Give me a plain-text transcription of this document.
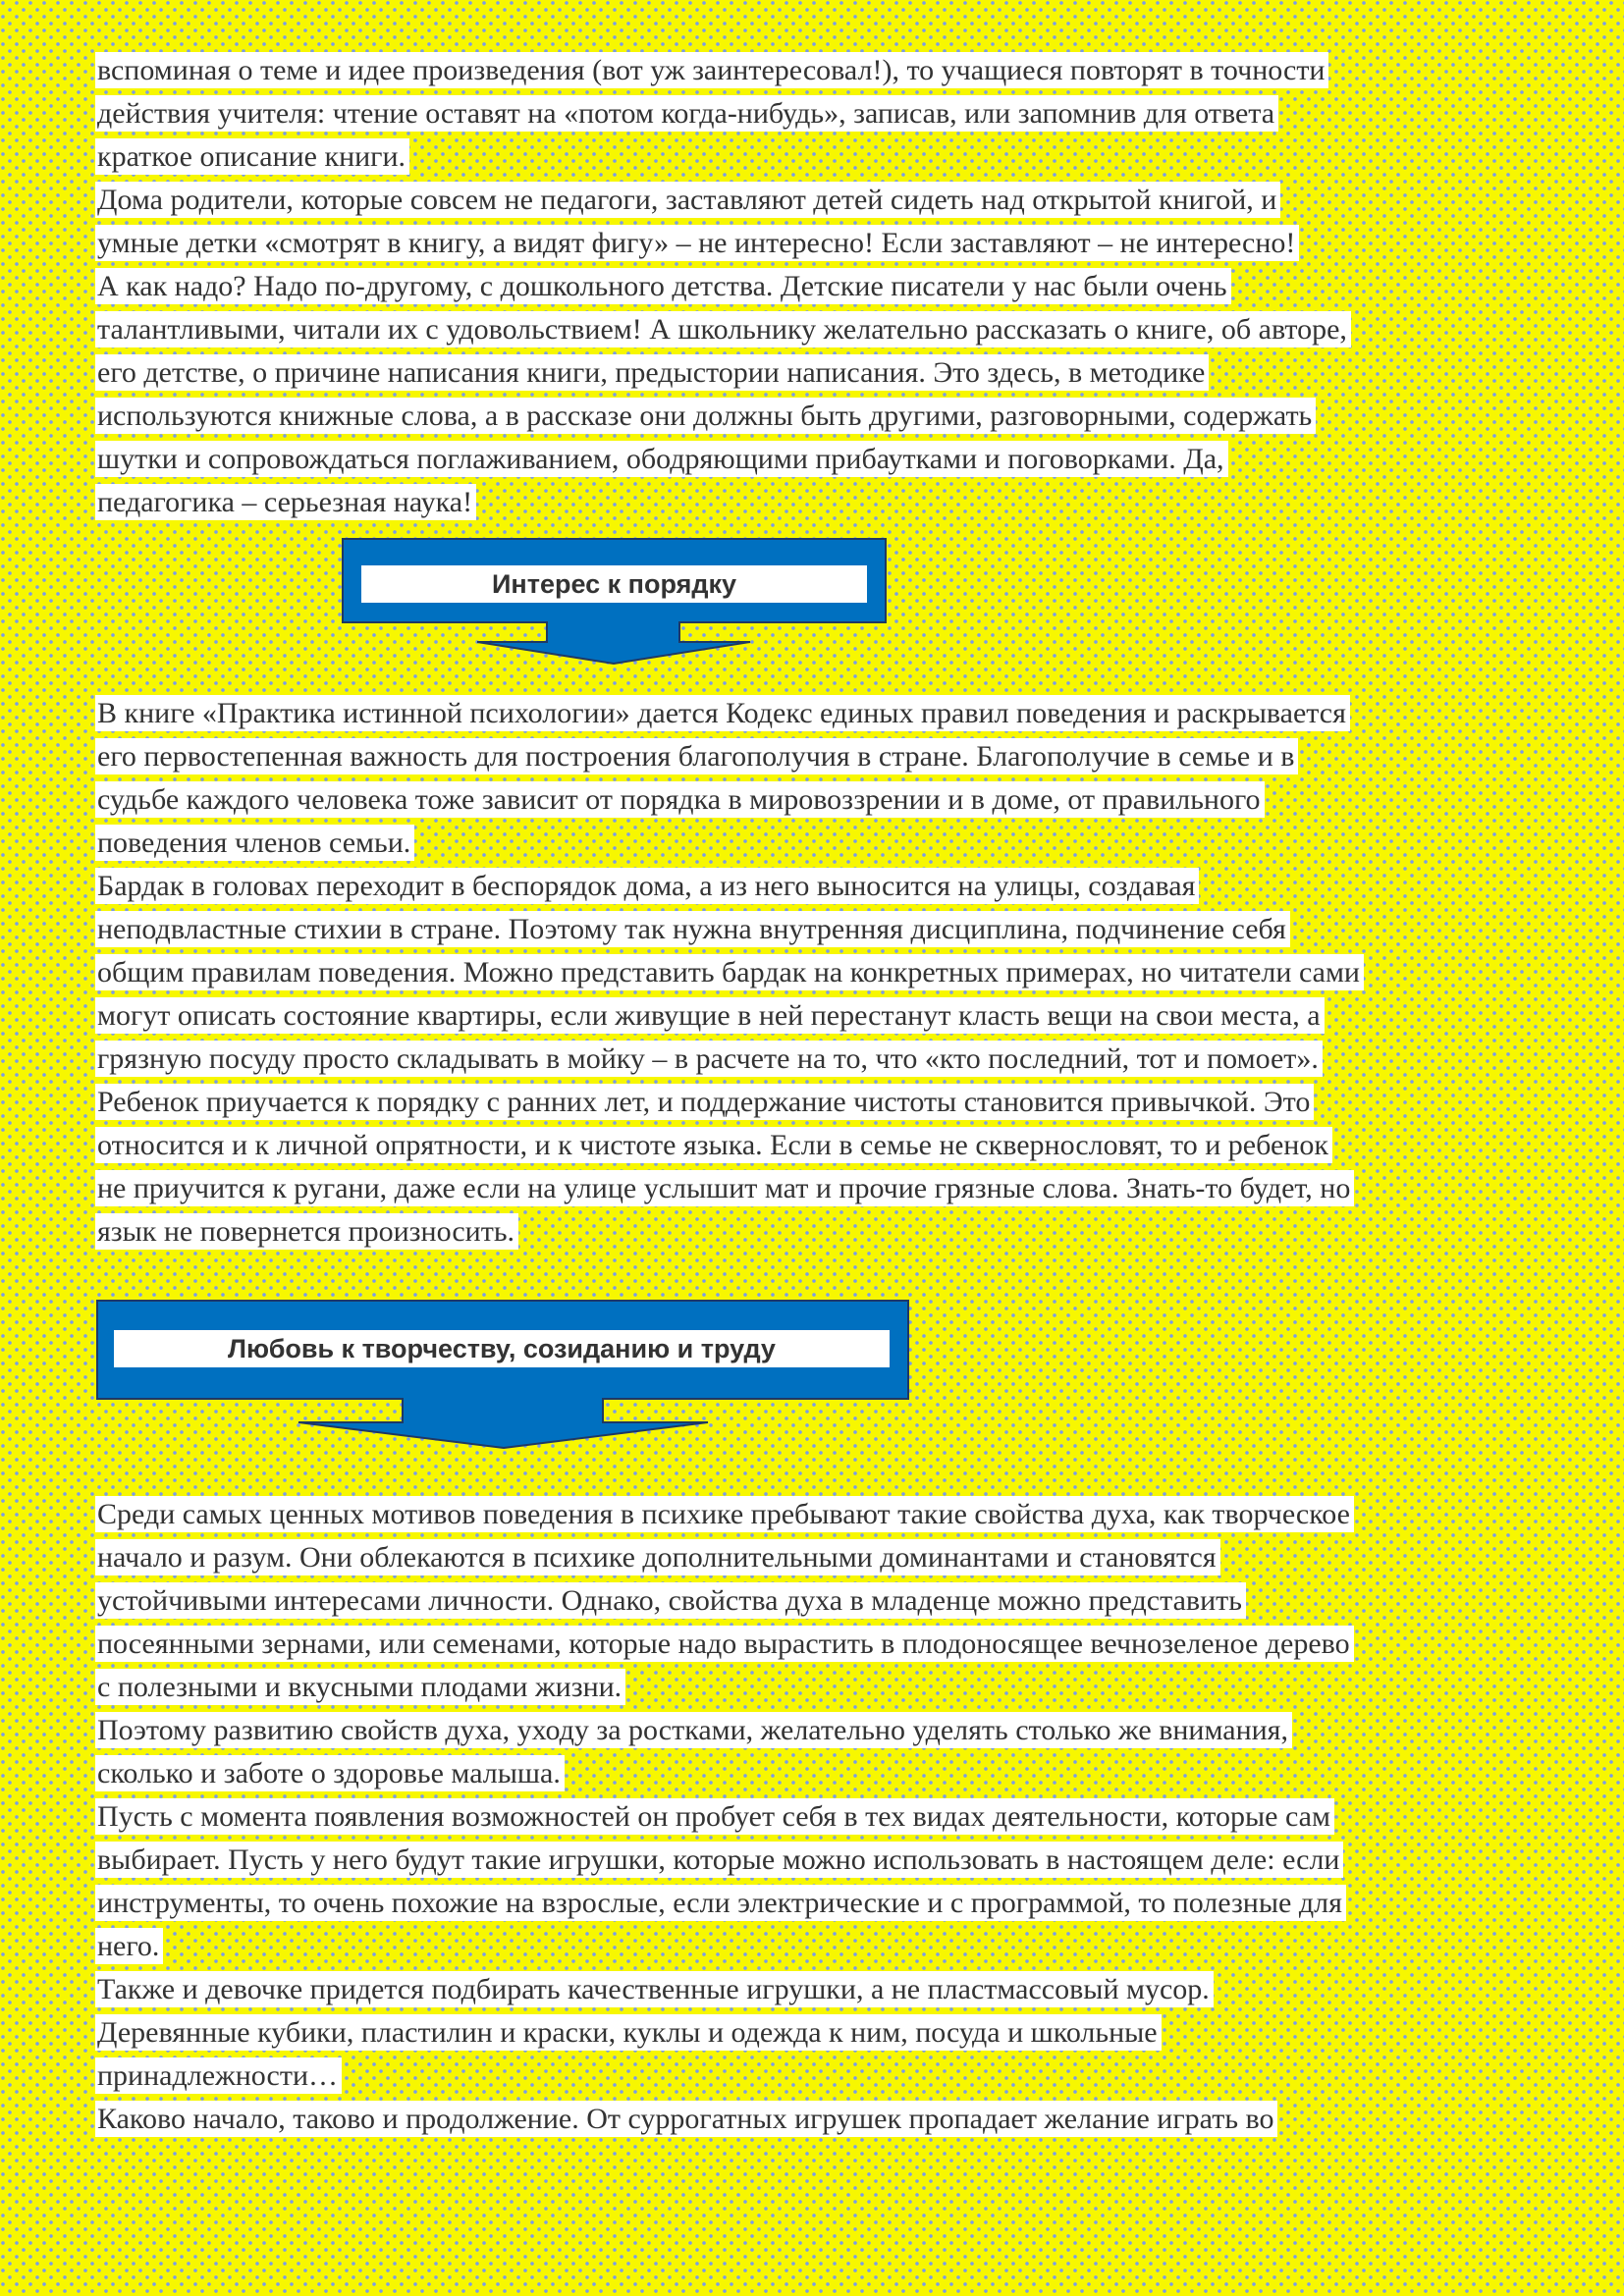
вспоминая о теме и идее произведения (вот уж заинтересовал!), то учащиеся повторят в точности
действия учителя: чтение оставят на «потом когда-нибудь», записав, или запомнив для ответа
краткое описание книги.

Дома родители, которые совсем не педагоги, заставляют детей сидеть над открытой книгой, и
умные детки «смотрят в книгу, а видят фигу» – не интересно! Если заставляют – не интересно!

А как надо? Надо по-другому, с дошкольного детства. Детские писатели у нас были очень
талантливыми, читали их с удовольствием! А школьнику желательно рассказать о книге, об авторе,
его детстве, о причине написания книги, предыстории написания. Это здесь, в методике
используются книжные слова, а в рассказе они должны быть другими, разговорными, содержать
шутки и сопровождаться поглаживанием, ободряющими прибаутками и поговорками. Да,
педагогика – серьезная наука!

Интерес к порядку

В книге «Практика истинной психологии» дается Кодекс единых правил поведения и раскрывается
его первостепенная важность для построения благополучия в стране. Благополучие в семье и в
судьбе каждого человека тоже зависит от порядка в мировоззрении и в доме, от правильного
поведения членов семьи.

Бардак в головах переходит в беспорядок дома, а из него выносится на улицы, создавая
неподвластные стихии в стране. Поэтому так нужна внутренняя дисциплина, подчинение себя
общим правилам поведения. Можно представить бардак на конкретных примерах, но читатели сами
могут описать состояние квартиры, если живущие в ней перестанут класть вещи на свои места, а
грязную посуду просто складывать в мойку – в расчете на то, что «кто последний, тот и помоет».

Ребенок приучается к порядку с ранних лет, и поддержание чистоты становится привычкой. Это
относится и к личной опрятности, и к чистоте языка. Если в семье не сквернословят, то и ребенок
не приучится к ругани, даже если на улице услышит мат и прочие грязные слова. Знать-то будет, но
язык не повернется произносить.

Любовь к творчеству, созиданию и труду

Среди самых ценных мотивов поведения в психике пребывают такие свойства духа, как творческое
начало и разум. Они облекаются в психике дополнительными доминантами и становятся
устойчивыми интересами личности. Однако, свойства духа в младенце можно представить
посеянными зернами, или семенами, которые надо вырастить в плодоносящее вечнозеленое дерево
с полезными и вкусными плодами жизни.

Поэтому развитию свойств духа, уходу за ростками, желательно уделять столько же внимания,
сколько и заботе о здоровье малыша.

Пусть с момента появления возможностей он пробует себя в тех видах деятельности, которые сам
выбирает. Пусть у него будут такие игрушки, которые можно использовать в настоящем деле: если
инструменты, то очень похожие на взрослые, если электрические и с программой, то полезные для
него.

Также и девочке придется подбирать качественные игрушки, а не пластмассовый мусор.
Деревянные кубики, пластилин и краски, куклы и одежда к ним, посуда и школьные
принадлежности…

Каково начало, таково и продолжение. От суррогатных игрушек пропадает желание играть во
